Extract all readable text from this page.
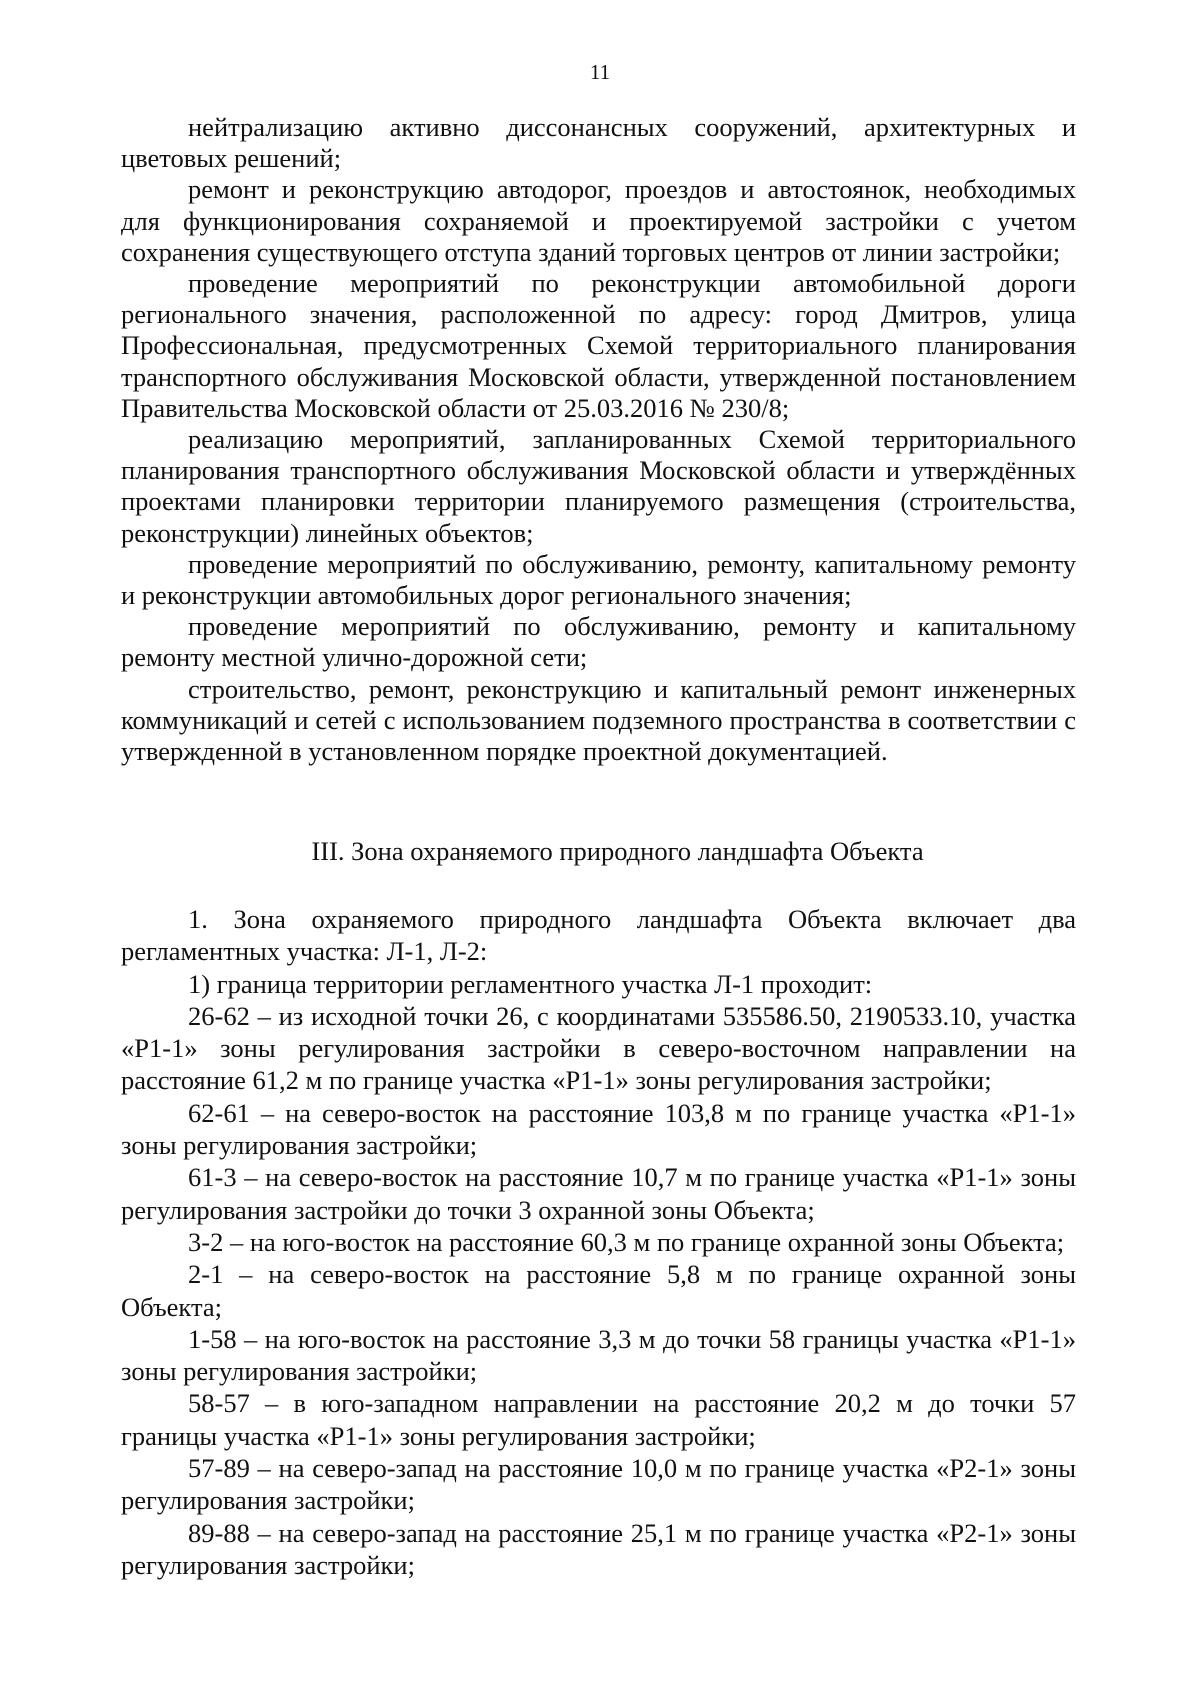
11

нейтрализацию активно диссонансных сооружений, архитектурных и цветовых решений;

ремонт и реконструкцию автодорог, проездов и автостоянок, необходимых для функционирования сохраняемой и проектируемой застройки с учетом сохранения существующего отступа зданий торговых центров от линии застройки;

проведение мероприятий по реконструкции автомобильной дороги регионального значения, расположенной по адресу: город Дмитров, улица Профессиональная, предусмотренных Схемой территориального планирования транспортного обслуживания Московской области, утвержденной постановлением Правительства Московской области от 25.03.2016 № 230/8;

реализацию мероприятий, запланированных Схемой территориального планирования транспортного обслуживания Московской области и утверждённых проектами планировки территории планируемого размещения (строительства, реконструкции) линейных объектов;

проведение мероприятий по обслуживанию, ремонту, капитальному ремонту и реконструкции автомобильных дорог регионального значения;

проведение мероприятий по обслуживанию, ремонту и капитальному ремонту местной улично-дорожной сети;

строительство, ремонт, реконструкцию и капитальный ремонт инженерных коммуникаций и сетей с использованием подземного пространства в соответствии с утвержденной в установленном порядке проектной документацией.

III. Зона охраняемого природного ландшафта Объекта

1. Зона охраняемого природного ландшафта Объекта включает два регламентных участка: Л-1, Л-2:

1) граница территории регламентного участка Л-1 проходит:

26-62 – из исходной точки 26, с координатами 535586.50, 2190533.10, участка «Р1-1» зоны регулирования застройки в северо-восточном направлении на расстояние 61,2 м по границе участка «Р1-1» зоны регулирования застройки;

62-61 – на северо-восток на расстояние 103,8 м по границе участка «Р1-1» зоны регулирования застройки;

61-3 – на северо-восток на расстояние 10,7 м по границе участка «Р1-1» зоны регулирования застройки до точки 3 охранной зоны Объекта;

3-2 – на юго-восток на расстояние 60,3 м по границе охранной зоны Объекта;

2-1 – на северо-восток на расстояние 5,8 м по границе охранной зоны Объекта;

1-58 – на юго-восток на расстояние 3,3 м до точки 58 границы участка «Р1-1» зоны регулирования застройки;

58-57 – в юго-западном направлении на расстояние 20,2 м до точки 57 границы участка «Р1-1» зоны регулирования застройки;

57-89 – на северо-запад на расстояние 10,0 м по границе участка «Р2-1» зоны регулирования застройки;

89-88 – на северо-запад на расстояние 25,1 м по границе участка «Р2-1» зоны регулирования застройки;
